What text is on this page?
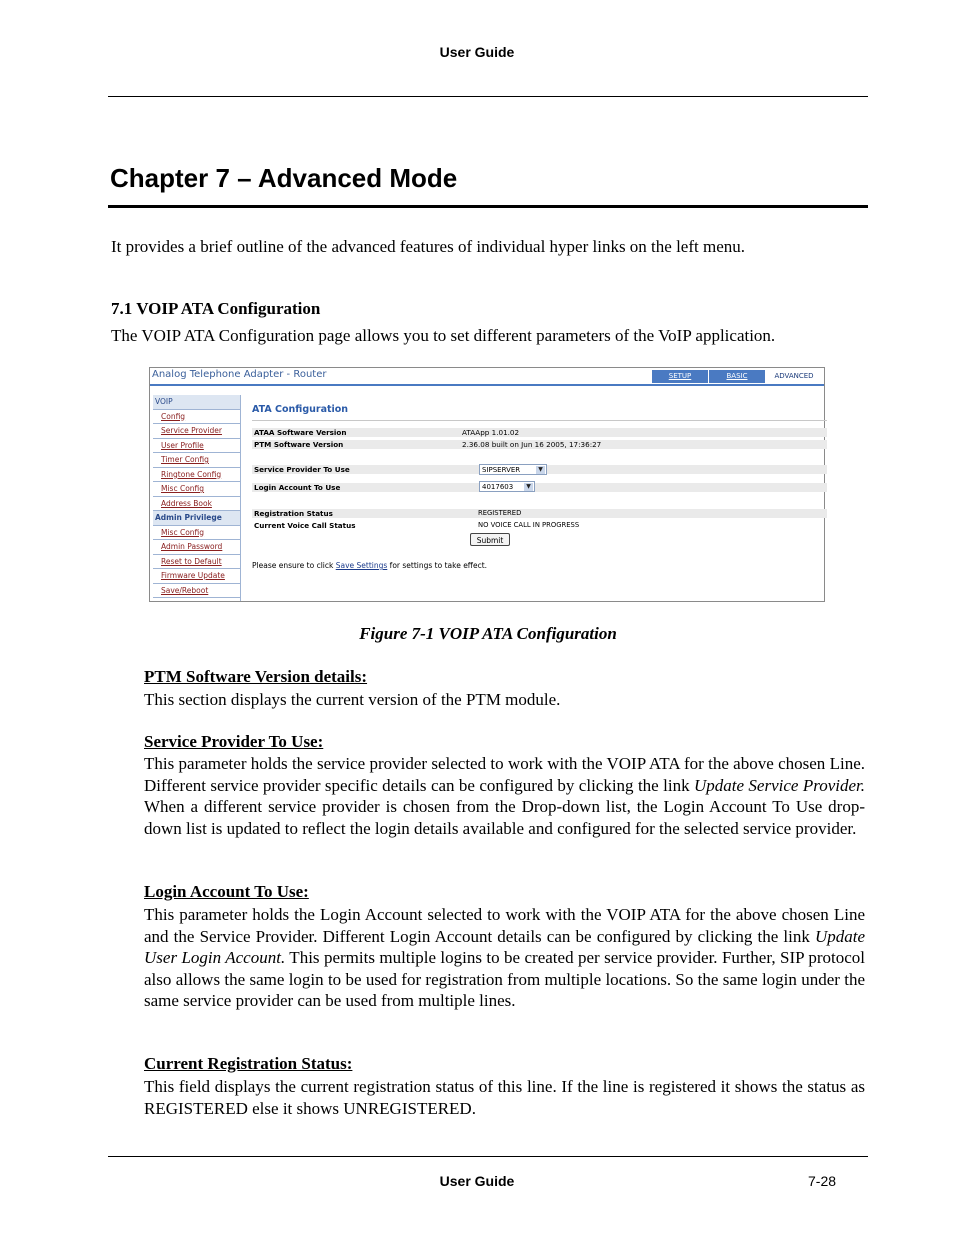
User Guide
Chapter 7 – Advanced Mode
It provides a brief outline of the advanced features of individual hyper links on the left menu.
7.1 VOIP ATA Configuration
The VOIP ATA Configuration page allows you to set different parameters of the VoIP application.
Analog Telephone Adapter - Router	SETUP	BASIC	ADVANCED
VOIP
Config
Service Provider
User Profile
Timer Config
Ringtone Config
Misc Config
Address Book
Admin Privilege
Misc Config
Admin Password
Reset to Default
Firmware Update
Save/Reboot
ATA Configuration
ATAA Software Version	ATAApp 1.01.02
PTM Software Version	2.36.08 built on Jun 16 2005, 17:36:27
Service Provider To Use	SIPSERVER	▼
Login Account To Use	4017603	▼
Registration Status	REGISTERED
Current Voice Call Status	NO VOICE CALL IN PROGRESS
Submit
Please ensure to click Save Settings for settings to take effect.
Figure 7-1 VOIP ATA Configuration
PTM Software Version details:
This section displays the current version of the PTM module.
Service Provider To Use:
This parameter holds the service provider selected to work with the VOIP ATA for the above chosen Line. Different service provider specific details can be configured by clicking the link Update Service Provider. When a different service provider is chosen from the Drop-down list, the Login Account To Use drop-down list is updated to reflect the login details available and configured for the selected service provider.
Login Account To Use:
This parameter holds the Login Account selected to work with the VOIP ATA for the above chosen Line and the Service Provider. Different Login Account details can be configured by clicking the link Update User Login Account. This permits multiple logins to be created per service provider. Further, SIP protocol also allows the same login to be used for registration from multiple locations. So the same login under the same service provider can be used from multiple lines.
Current Registration Status:
This field displays the current registration status of this line. If the line is registered it shows the status as REGISTERED else it shows UNREGISTERED.
User Guide	7-28
